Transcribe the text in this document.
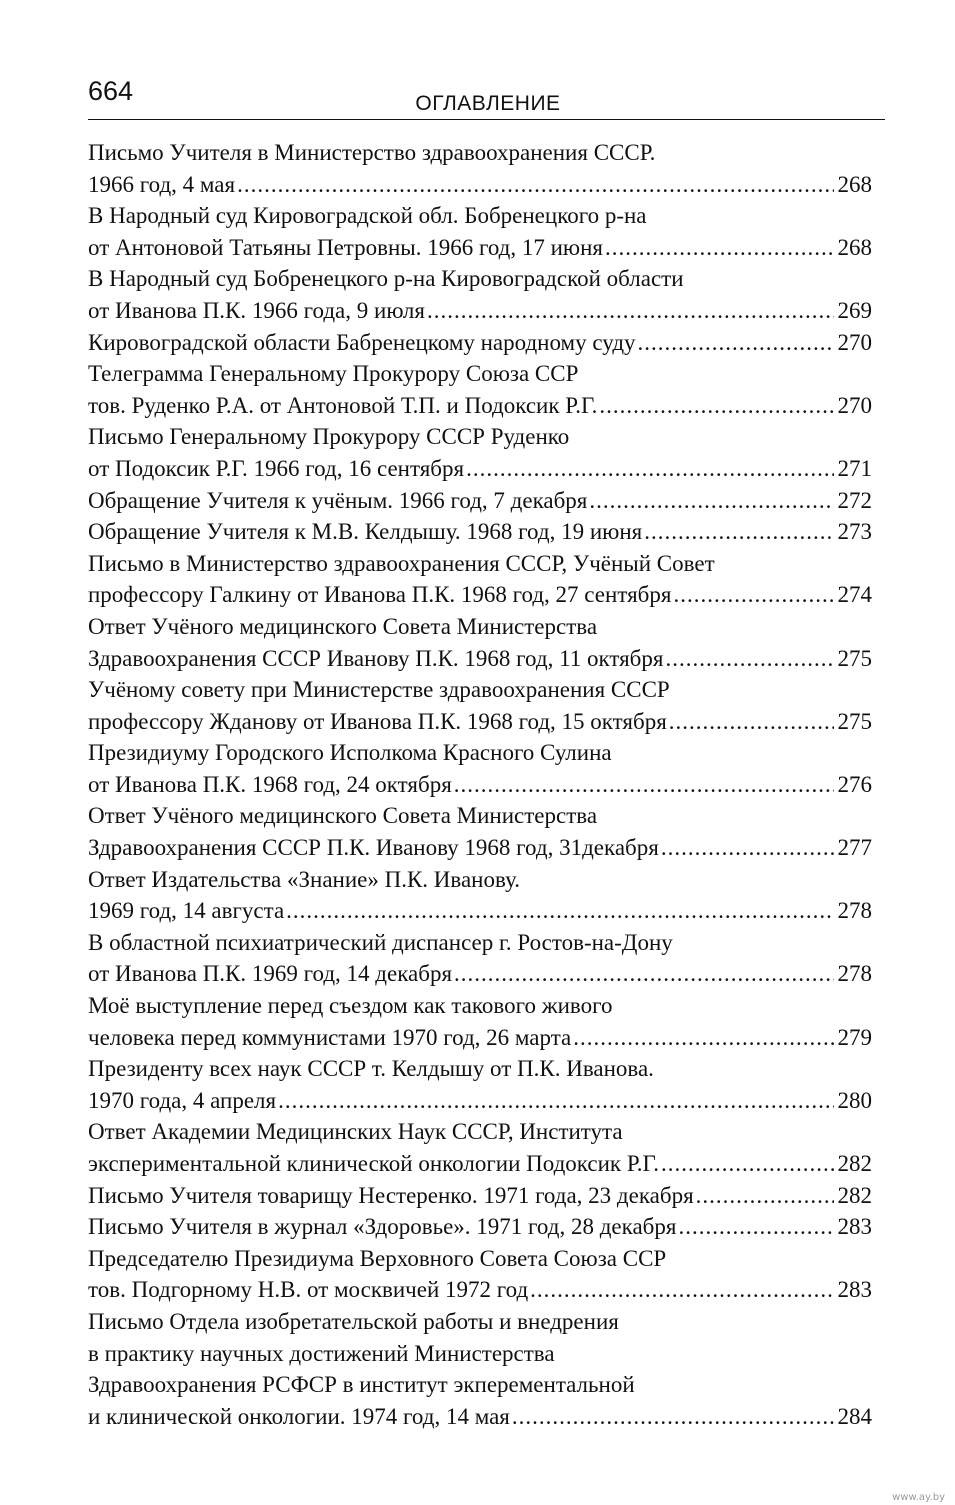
664	ОГЛАВЛЕНИЕ
Письмо Учителя в Министерство здравоохранения СССР.
1966 год, 4 мая .....	268
В Народный суд Кировоградской обл. Бобренецкого р-на
от Антоновой Татьяны Петровны. 1966 год, 17 июня .....	268
В Народный суд Бобренецкого р-на Кировоградской области
от Иванова П.К. 1966 года, 9 июля .....	269
Кировоградской области Бабренецкому народному суду .....	270
Телеграмма Генеральному Прокурору Союза ССР
тов. Руденко Р.А. от Антоновой Т.П. и Подоксик Р.Г. .....	270
Письмо Генеральному Прокурору СССР Руденко
от Подоксик Р.Г. 1966 год, 16 сентября .....	271
Обращение Учителя к учёным. 1966 год, 7 декабря .....	272
Обращение Учителя к М.В. Келдышу. 1968 год, 19 июня .....	273
Письмо в Министерство здравоохранения СССР, Учёный Совет
профессору Галкину от Иванова П.К. 1968 год, 27 сентября .....	274
Ответ Учёного медицинского Совета Министерства
Здравоохранения СССР Иванову П.К. 1968 год, 11 октября .....	275
Учёному совету при Министерстве здравоохранения СССР
профессору Жданову от Иванова П.К. 1968 год, 15 октября .....	275
Президиуму Городского Исполкома Красного Сулина
от Иванова П.К. 1968 год, 24 октября .....	276
Ответ Учёного медицинского Совета Министерства
Здравоохранения СССР П.К. Иванову 1968 год, 31декабря .....	277
Ответ Издательства «Знание» П.К. Иванову.
1969 год, 14 августа .....	278
В областной психиатрический диспансер г. Ростов-на-Дону
от Иванова П.К. 1969 год, 14 декабря .....	278
Моё выступление перед съездом как такового живого
человека перед коммунистами 1970 год, 26 марта .....	279
Президенту всех наук СССР т. Келдышу от П.К. Иванова.
1970 года, 4 апреля .....	280
Ответ Академии Медицинских Наук СССР, Института
экспериментальной клинической онкологии Подоксик Р.Г. .....	282
Письмо Учителя товарищу Нестеренко. 1971 года, 23 декабря .....	282
Письмо Учителя в журнал «Здоровье». 1971 год, 28 декабря .....	283
Председателю Президиума Верховного Совета Союза ССР
тов. Подгорному Н.В. от москвичей 1972 год .....	283
Письмо Отдела изобретательской работы и внедрения
в практику научных достижений Министерства
Здравоохранения РСФСР в институт экперементальной
и клинической онкологии. 1974 год, 14 мая .....	284
www.ay.by
